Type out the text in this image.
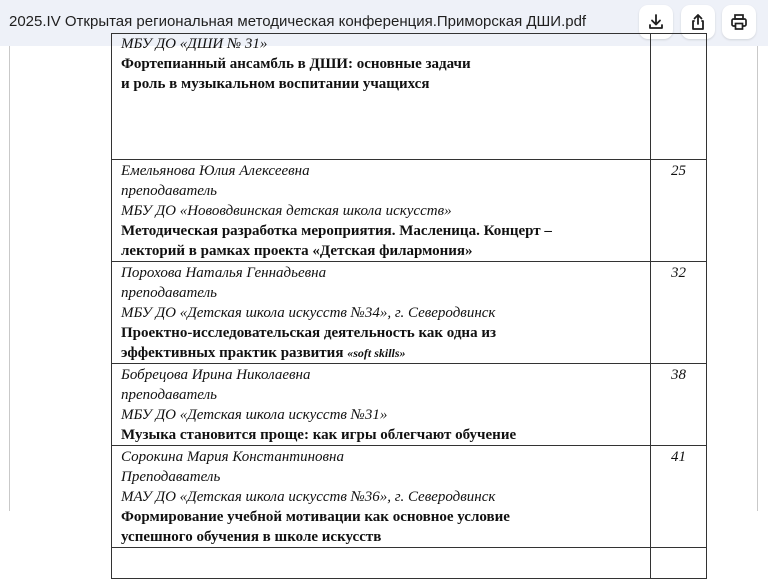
2025.IV Открытая региональная методическая конференция.Приморская ДШИ.pdf
МБУ ДО «ДШИ № 31»
Фортепианный ансамбль в ДШИ: основные задачи
и роль в музыкальном воспитании учащихся	

Емельянова Юлия Алексеевна
преподаватель
МБУ ДО «Нововдвинская детская школа искусств»
Методическая разработка мероприятия. Масленица. Концерт –
лекторий в рамках проекта «Детская филармония»	25

Порохова Наталья Геннадьевна
преподаватель
МБУ ДО «Детская школа искусств №34», г. Северодвинск
Проектно-исследовательская деятельность как одна из
эффективных практик развития «soft skills»	32

Бобрецова Ирина Николаевна
преподаватель
МБУ ДО «Детская школа искусств №31»
Музыка становится проще: как игры облегчают обучение	38

Сорокина Мария Константиновна
Преподаватель
МАУ ДО «Детская школа искусств №36», г. Северодвинск
Формирование учебной мотивации как основное условие
успешного обучения в школе искусств	41
